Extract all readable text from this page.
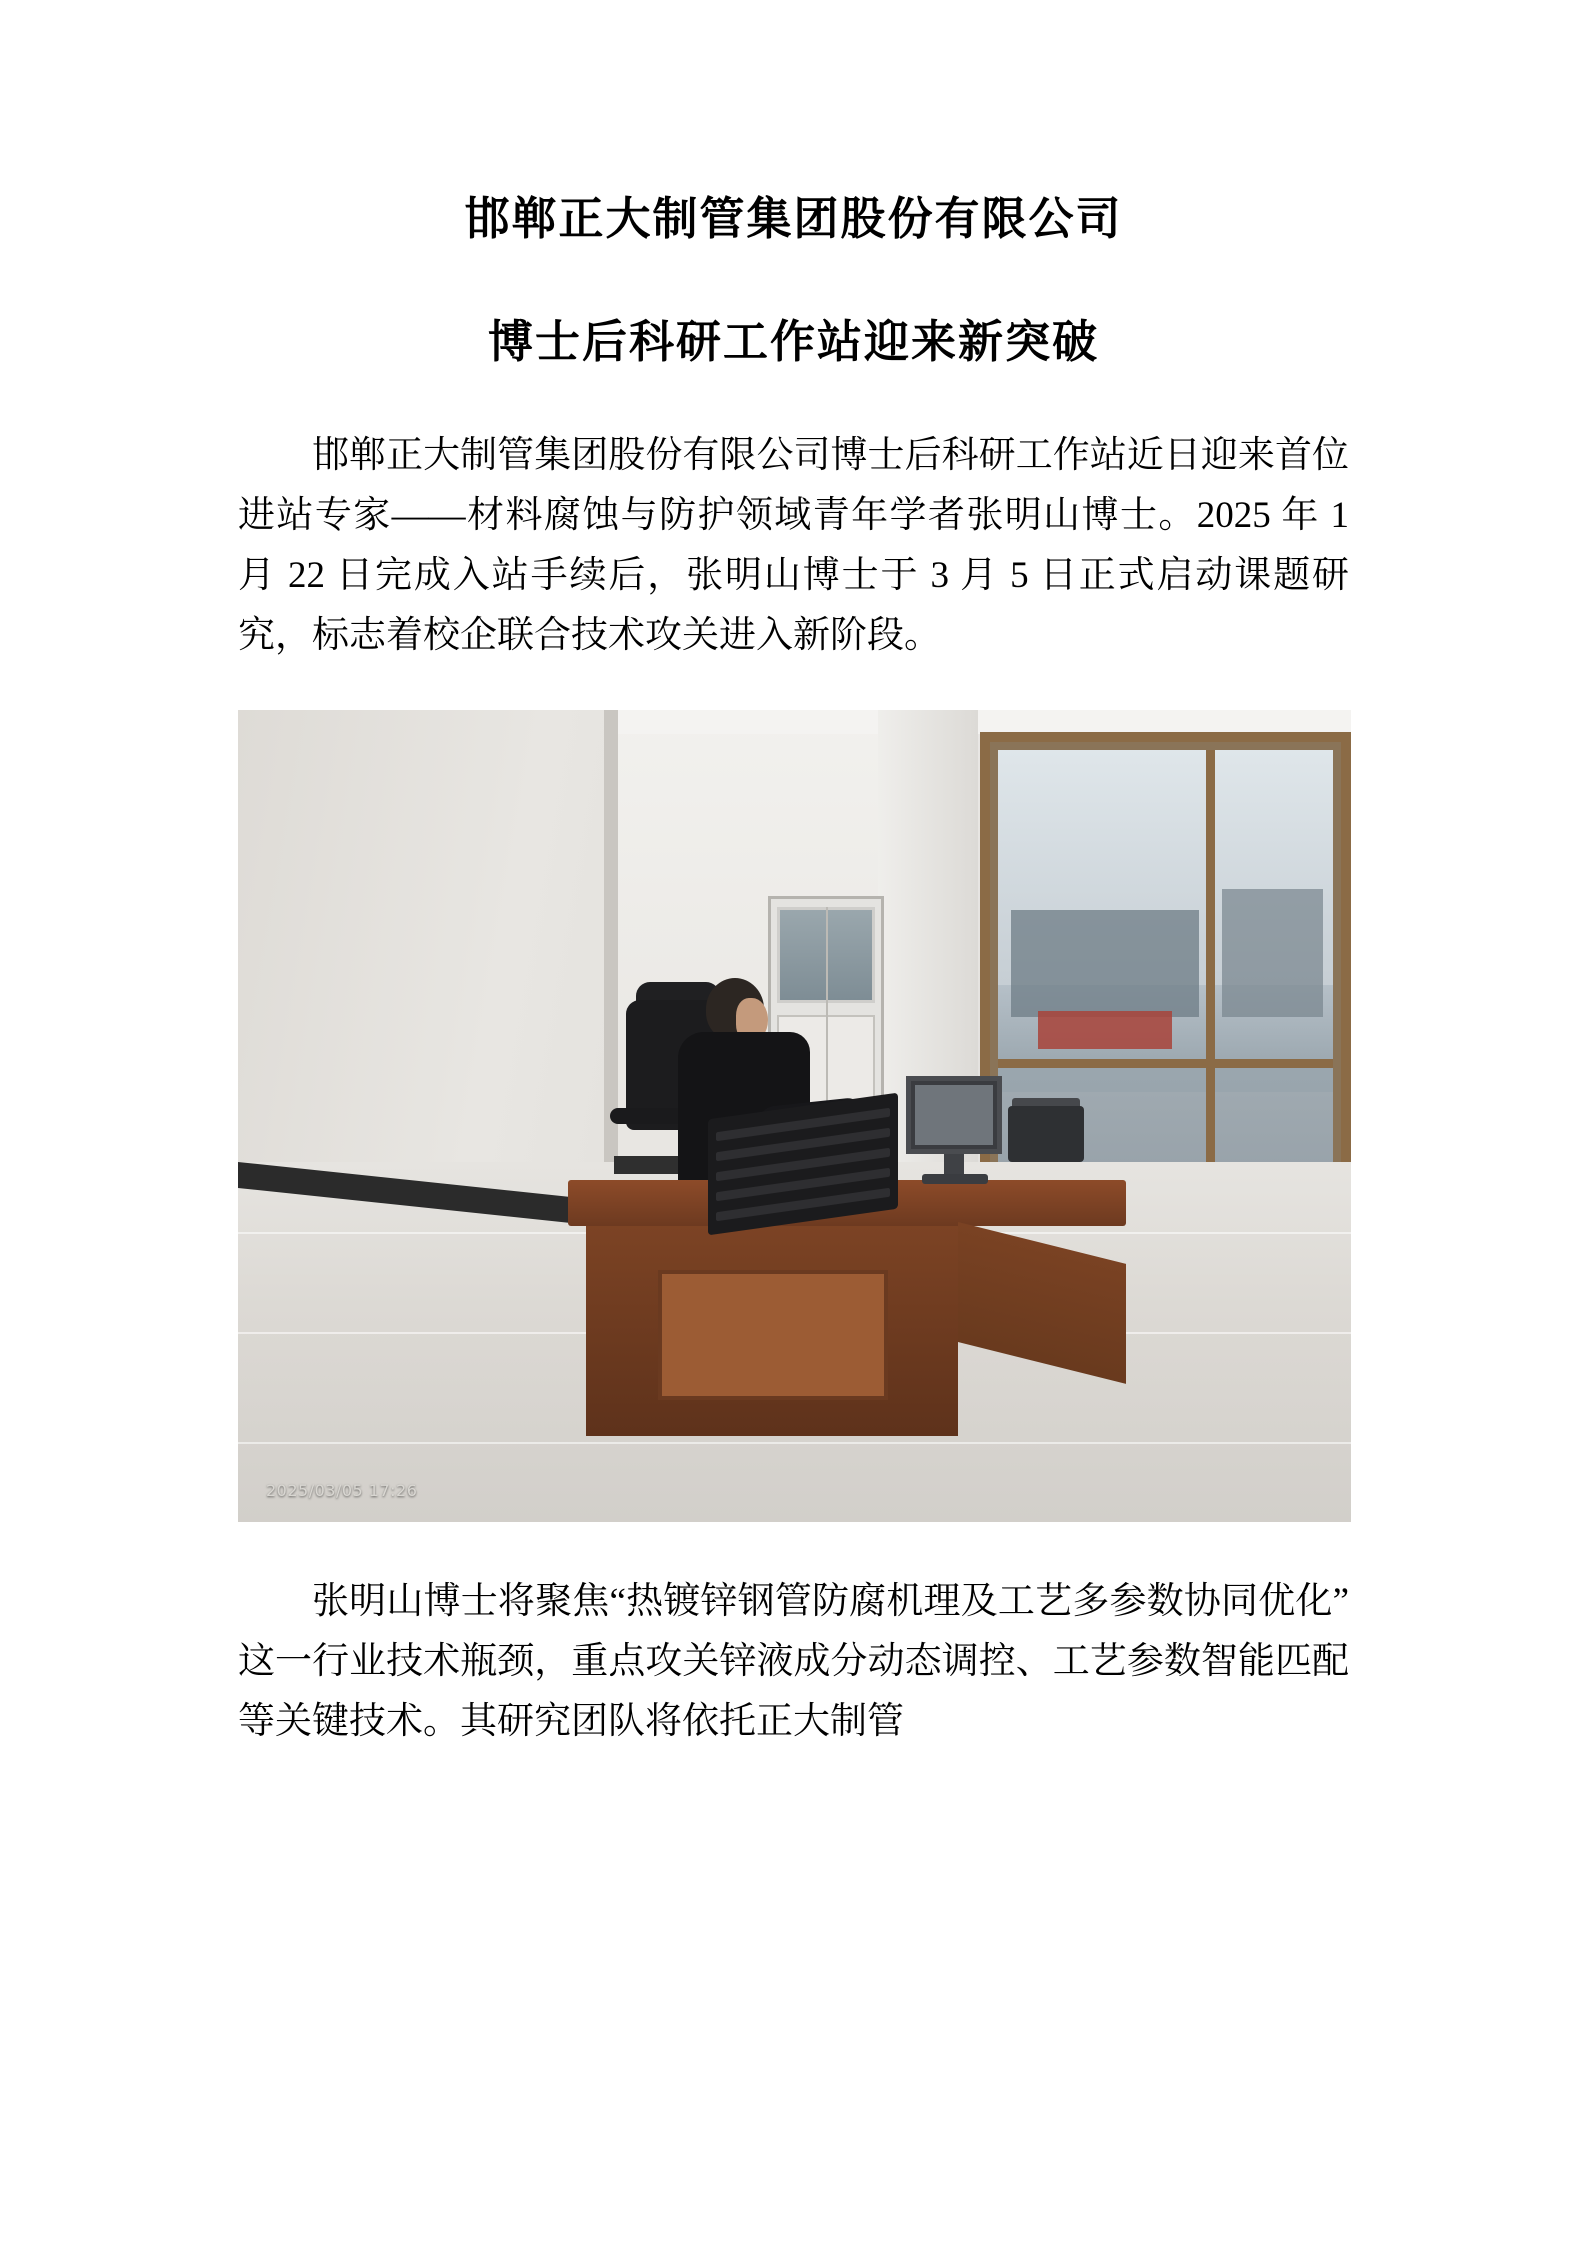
邯郸正大制管集团股份有限公司
博士后科研工作站迎来新突破

邯郸正大制管集团股份有限公司博士后科研工作站近日迎来首位进站专家——材料腐蚀与防护领域青年学者张明山博士。2025 年 1 月 22 日完成入站手续后，张明山博士于 3 月 5 日正式启动课题研究，标志着校企联合技术攻关进入新阶段。

2025/03/05 17:26

张明山博士将聚焦“热镀锌钢管防腐机理及工艺多参数协同优化”这一行业技术瓶颈，重点攻关锌液成分动态调控、工艺参数智能匹配等关键技术。其研究团队将依托正大制管
